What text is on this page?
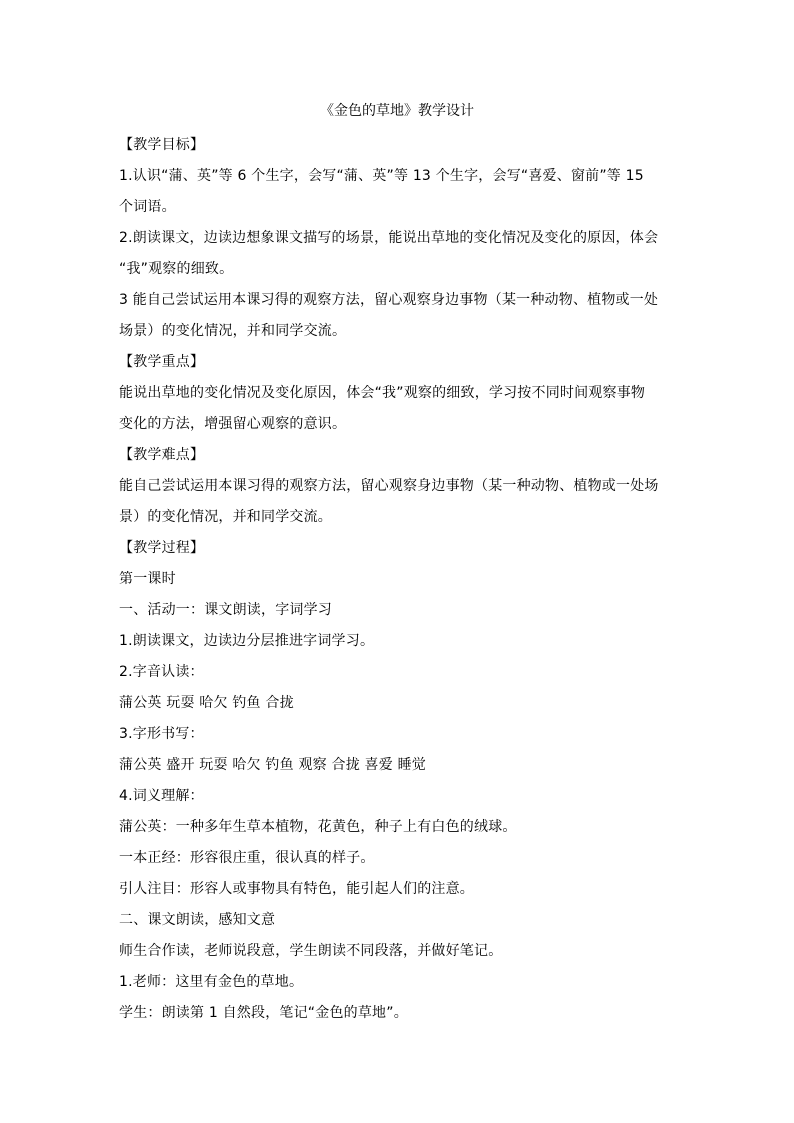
《金色的草地》教学设计
【教学目标】
1.认识“蒲、英”等 6 个生字，会写“蒲、英”等 13 个生字，会写“喜爱、窗前”等 15
个词语。
2.朗读课文，边读边想象课文描写的场景，能说出草地的变化情况及变化的原因，体会
“我”观察的细致。
3 能自己尝试运用本课习得的观察方法，留心观察身边事物（某一种动物、植物或一处
场景）的变化情况，并和同学交流。
【教学重点】
能说出草地的变化情况及变化原因，体会“我”观察的细致，学习按不同时间观察事物
变化的方法，增强留心观察的意识。
【教学难点】
能自己尝试运用本课习得的观察方法，留心观察身边事物（某一种动物、植物或一处场
景）的变化情况，并和同学交流。
【教学过程】
第一课时
一、活动一：课文朗读，字词学习
1.朗读课文，边读边分层推进字词学习。
2.字音认读：
蒲公英 玩耍 哈欠 钓鱼 合拢
3.字形书写：
蒲公英 盛开 玩耍 哈欠 钓鱼 观察 合拢 喜爱 睡觉
4.词义理解：
蒲公英：一种多年生草本植物，花黄色，种子上有白色的绒球。
一本正经：形容很庄重，很认真的样子。
引人注目：形容人或事物具有特色，能引起人们的注意。
二、课文朗读，感知文意
师生合作读，老师说段意，学生朗读不同段落，并做好笔记。
1.老师：这里有金色的草地。
学生：朗读第 1 自然段，笔记“金色的草地”。
